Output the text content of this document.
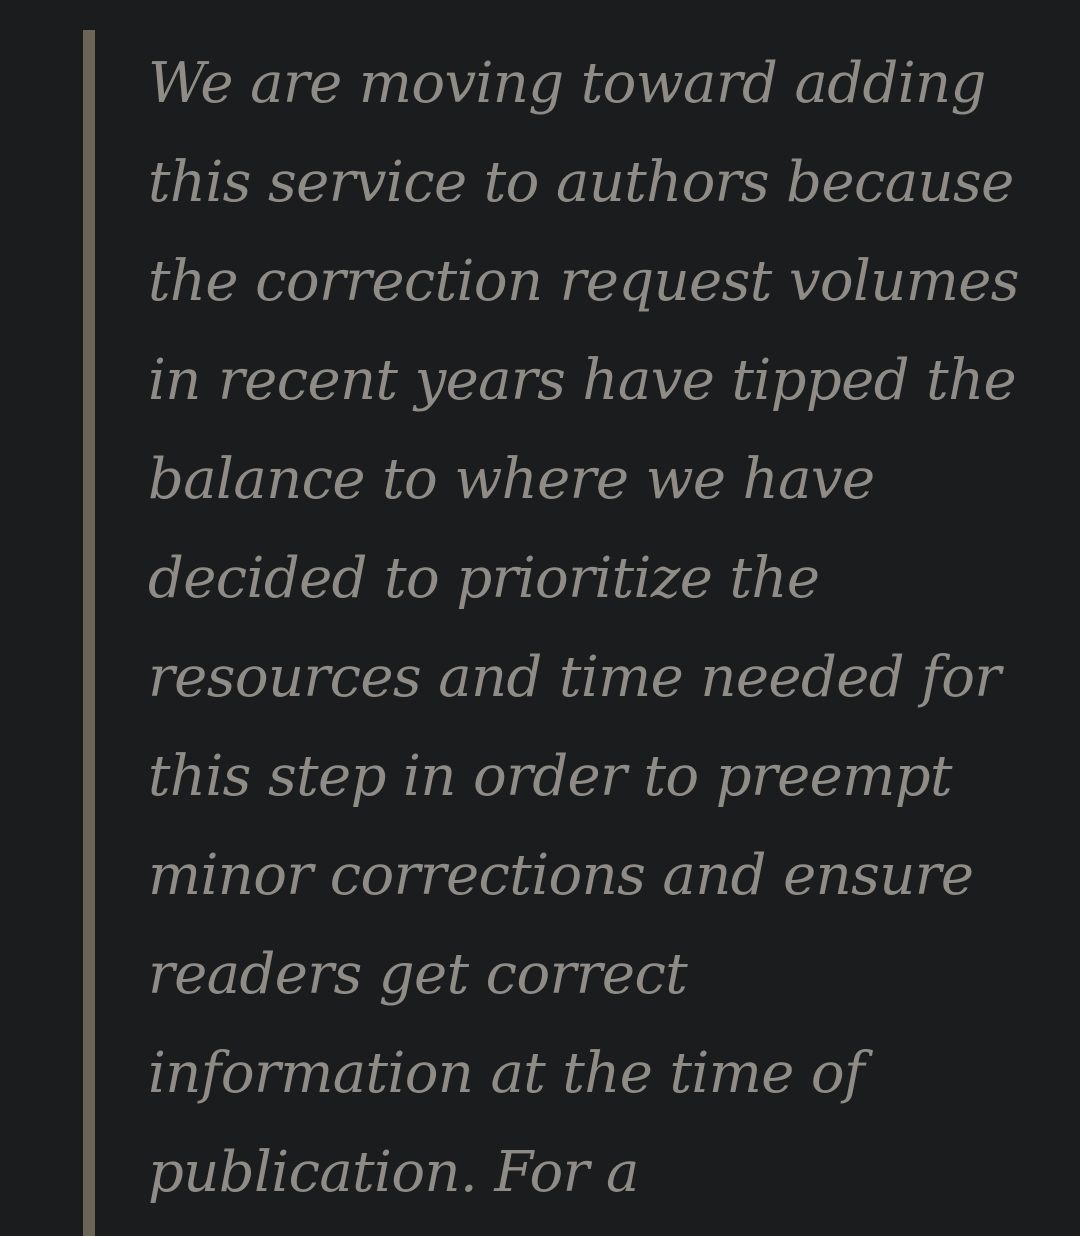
We are moving toward adding
this service to authors because
the correction request volumes
in recent years have tipped the
balance to where we have
decided to prioritize the
resources and time needed for
this step in order to preempt
minor corrections and ensure
readers get correct
information at the time of
publication. For a
